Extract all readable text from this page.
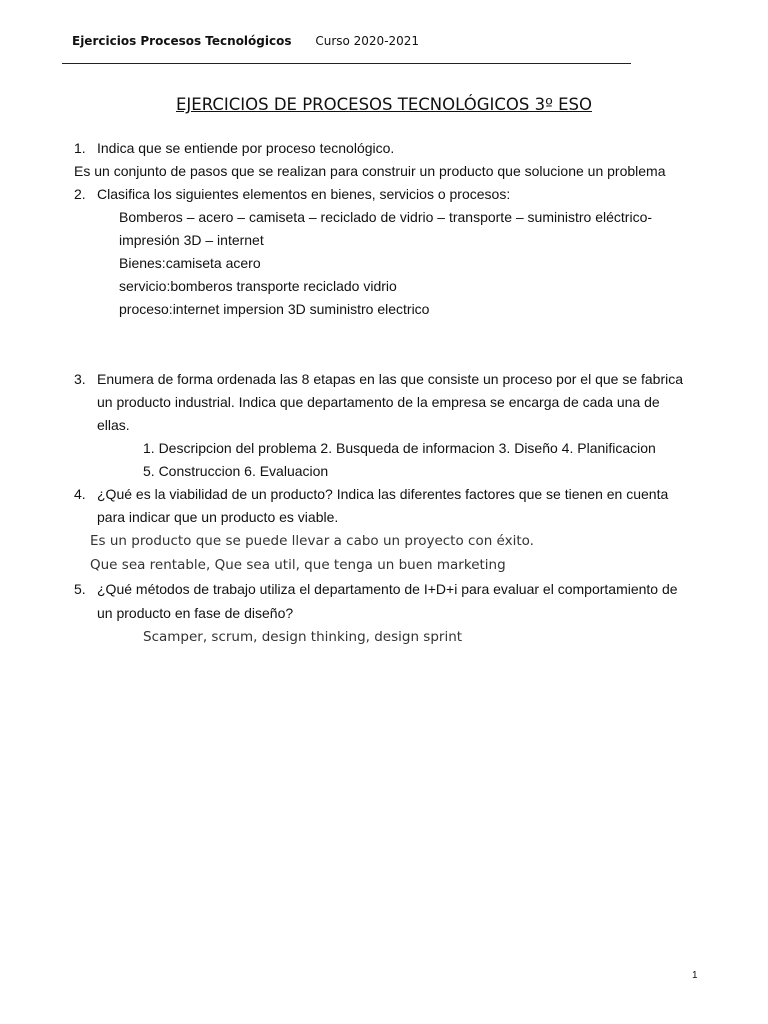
Ejercicios Procesos Tecnológicos Curso 2020-2021
EJERCICIOS DE PROCESOS TECNOLÓGICOS 3º ESO
1. Indica que se entiende por proceso tecnológico.
Es un conjunto de pasos que se realizan para construir un producto que solucione un problema
2. Clasifica los siguientes elementos en bienes, servicios o procesos:
Bomberos – acero – camiseta – reciclado de vidrio – transporte – suministro eléctrico-
impresión 3D – internet
Bienes:camiseta acero
servicio:bomberos transporte reciclado vidrio
proceso:internet impersion 3D suministro electrico
3. Enumera de forma ordenada las 8 etapas en las que consiste un proceso por el que se fabrica
un producto industrial. Indica que departamento de la empresa se encarga de cada una de
ellas.
1. Descripcion del problema 2. Busqueda de informacion 3. Diseño 4. Planificacion
5. Construccion 6. Evaluacion
4. ¿Qué es la viabilidad de un producto? Indica las diferentes factores que se tienen en cuenta
para indicar que un producto es viable.
Es un producto que se puede llevar a cabo un proyecto con éxito.
Que sea rentable, Que sea util, que tenga un buen marketing
5. ¿Qué métodos de trabajo utiliza el departamento de I+D+i para evaluar el comportamiento de
un producto en fase de diseño?
Scamper, scrum, design thinking, design sprint
1
